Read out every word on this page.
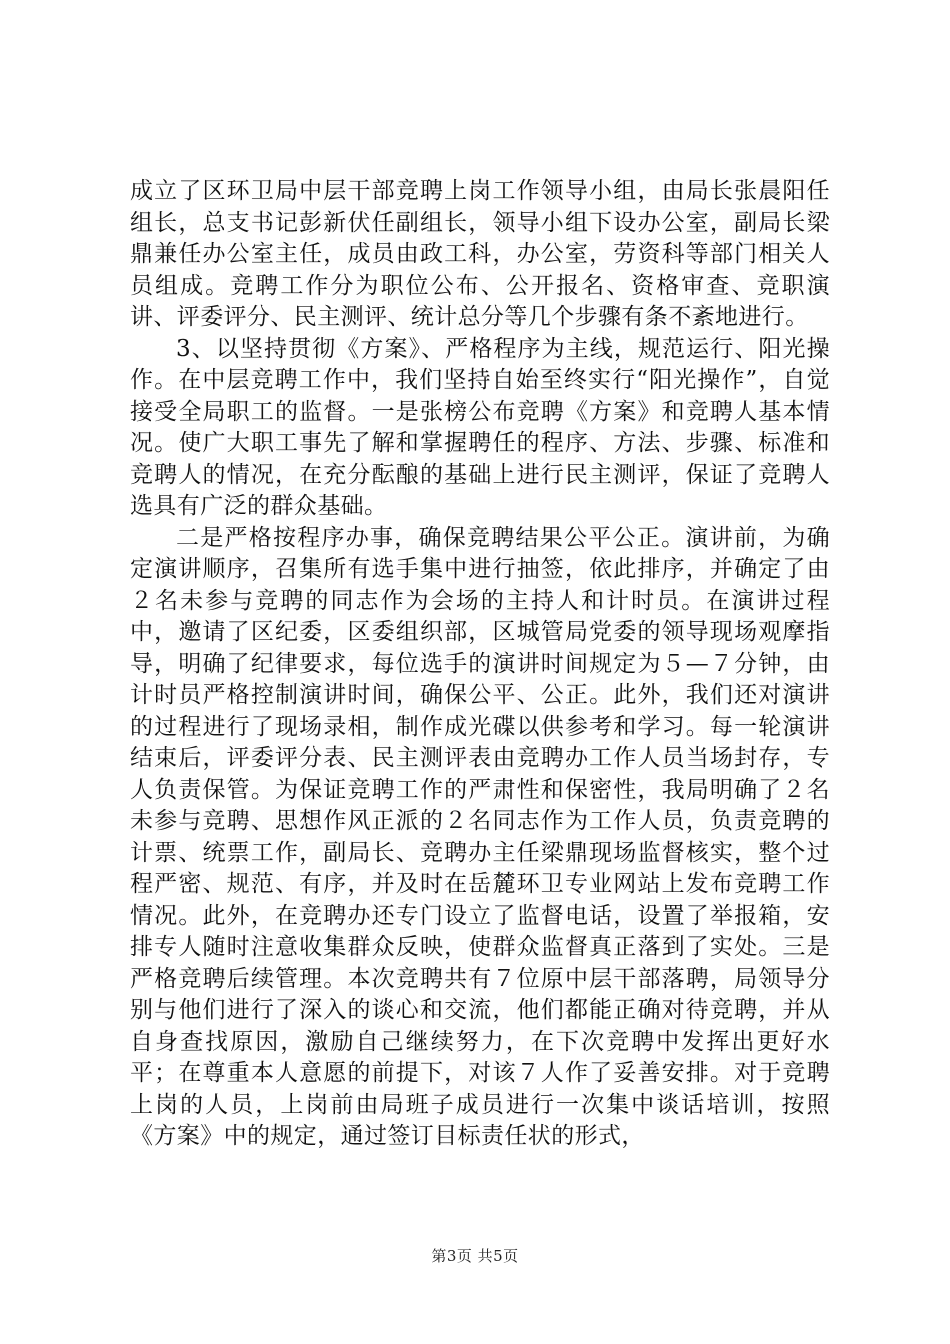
成立了区环卫局中层干部竞聘上岗工作领导小组，由局长张晨阳任组长，总支书记彭新伏任副组长，领导小组下设办公室，副局长梁鼎兼任办公室主任，成员由政工科，办公室，劳资科等部门相关人员组成。竞聘工作分为职位公布、公开报名、资格审查、竞职演讲、评委评分、民主测评、统计总分等几个步骤有条不紊地进行。

3、以坚持贯彻《方案》、严格程序为主线，规范运行、阳光操作。在中层竞聘工作中，我们坚持自始至终实行“阳光操作”，自觉接受全局职工的监督。一是张榜公布竞聘《方案》和竞聘人基本情况。使广大职工事先了解和掌握聘任的程序、方法、步骤、标准和竞聘人的情况，在充分酝酿的基础上进行民主测评，保证了竞聘人选具有广泛的群众基础。

二是严格按程序办事，确保竞聘结果公平公正。演讲前，为确定演讲顺序，召集所有选手集中进行抽签，依此排序，并确定了由２名未参与竞聘的同志作为会场的主持人和计时员。在演讲过程中，邀请了区纪委，区委组织部，区城管局党委的领导现场观摩指导，明确了纪律要求，每位选手的演讲时间规定为５—７分钟，由计时员严格控制演讲时间，确保公平、公正。此外，我们还对演讲的过程进行了现场录相，制作成光碟以供参考和学习。每一轮演讲结束后，评委评分表、民主测评表由竞聘办工作人员当场封存，专人负责保管。为保证竞聘工作的严肃性和保密性，我局明确了２名未参与竞聘、思想作风正派的２名同志作为工作人员，负责竞聘的计票、统票工作，副局长、竞聘办主任梁鼎现场监督核实，整个过程严密、规范、有序，并及时在岳麓环卫专业网站上发布竞聘工作情况。此外，在竞聘办还专门设立了监督电话，设置了举报箱，安排专人随时注意收集群众反映，使群众监督真正落到了实处。三是严格竞聘后续管理。本次竞聘共有７位原中层干部落聘，局领导分别与他们进行了深入的谈心和交流，他们都能正确对待竞聘，并从自身查找原因，激励自己继续努力，在下次竞聘中发挥出更好水平；在尊重本人意愿的前提下，对该７人作了妥善安排。对于竞聘上岗的人员，上岗前由局班子成员进行一次集中谈话培训，按照《方案》中的规定，通过签订目标责任状的形式，

第3页 共5页
